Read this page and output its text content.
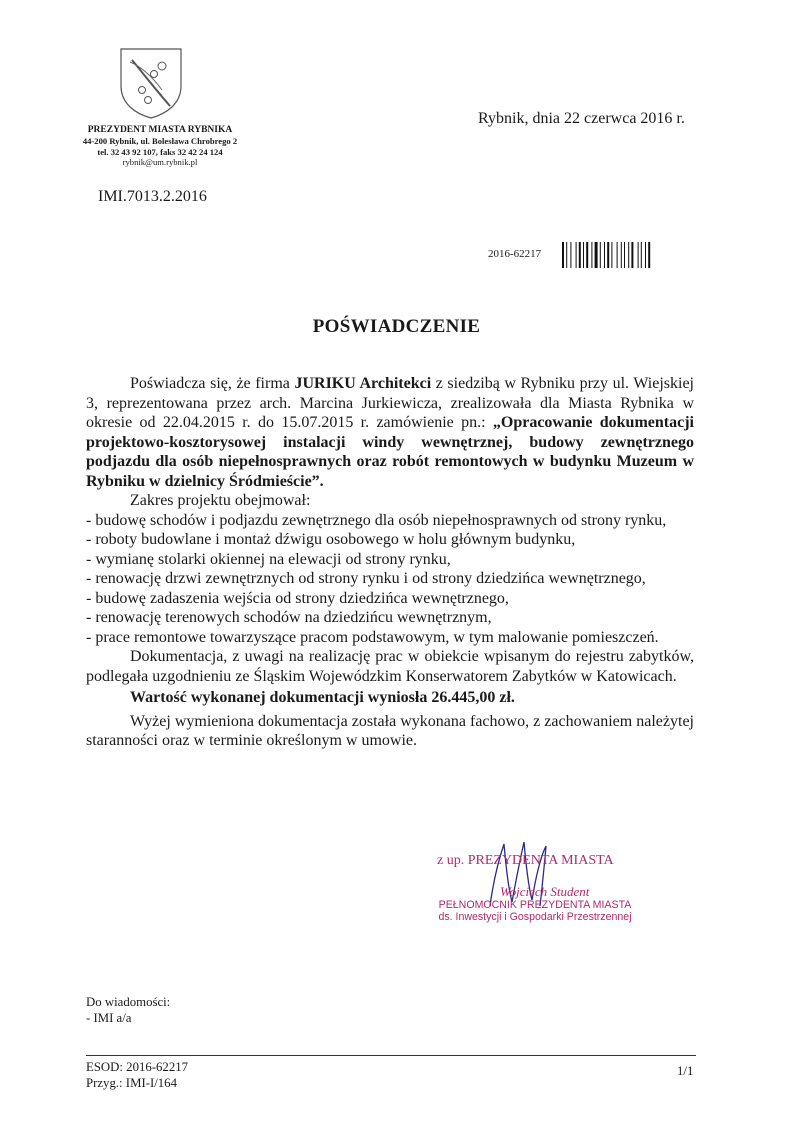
PREZYDENT MIASTA RYBNIKA
44-200 Rybnik, ul. Bolesława Chrobrego 2
tel. 32 43 92 107, faks 32 42 24 124
rybnik@um.rybnik.pl
Rybnik, dnia 22 czerwca 2016 r.
IMI.7013.2.2016
2016-62217
POŚWIADCZENIE

Poświadcza się, że firma JURIKU Architekci z siedzibą w Rybniku przy ul. Wiejskiej 3, reprezentowana przez arch. Marcina Jurkiewicza, zrealizowała dla Miasta Rybnika w okresie od 22.04.2015 r. do 15.07.2015 r. zamówienie pn.: „Opracowanie dokumentacji projektowo-kosztorysowej instalacji windy wewnętrznej, budowy zewnętrznego podjazdu dla osób niepełnosprawnych oraz robót remontowych w budynku Muzeum w Rybniku w dzielnicy Śródmieście”.

Zakres projektu obejmował:

- budowę schodów i podjazdu zewnętrznego dla osób niepełnosprawnych od strony rynku,
- roboty budowlane i montaż dźwigu osobowego w holu głównym budynku,
- wymianę stolarki okiennej na elewacji od strony rynku,
- renowację drzwi zewnętrznych od strony rynku i od strony dziedzińca wewnętrznego,
- budowę zadaszenia wejścia od strony dziedzińca wewnętrznego,
- renowację terenowych schodów na dziedzińcu wewnętrznym,
- prace remontowe towarzyszące pracom podstawowym, w tym malowanie pomieszczeń.

Dokumentacja, z uwagi na realizację prac w obiekcie wpisanym do rejestru zabytków, podlegała uzgodnieniu ze Śląskim Wojewódzkim Konserwatorem Zabytków w Katowicach.

Wartość wykonanej dokumentacji wyniosła 26.445,00 zł.

Wyżej wymieniona dokumentacja została wykonana fachowo, z zachowaniem należytej staranności oraz w terminie określonym w umowie.

z up. PREZYDENTA MIASTA
Wojciech Student
PEŁNOMOCNIK PREZYDENTA MIASTA
ds. Inwestycji i Gospodarki Przestrzennej
Do wiadomości:
- IMI a/a
ESOD: 2016-62217
Przyg.: IMI-I/164
1/1
